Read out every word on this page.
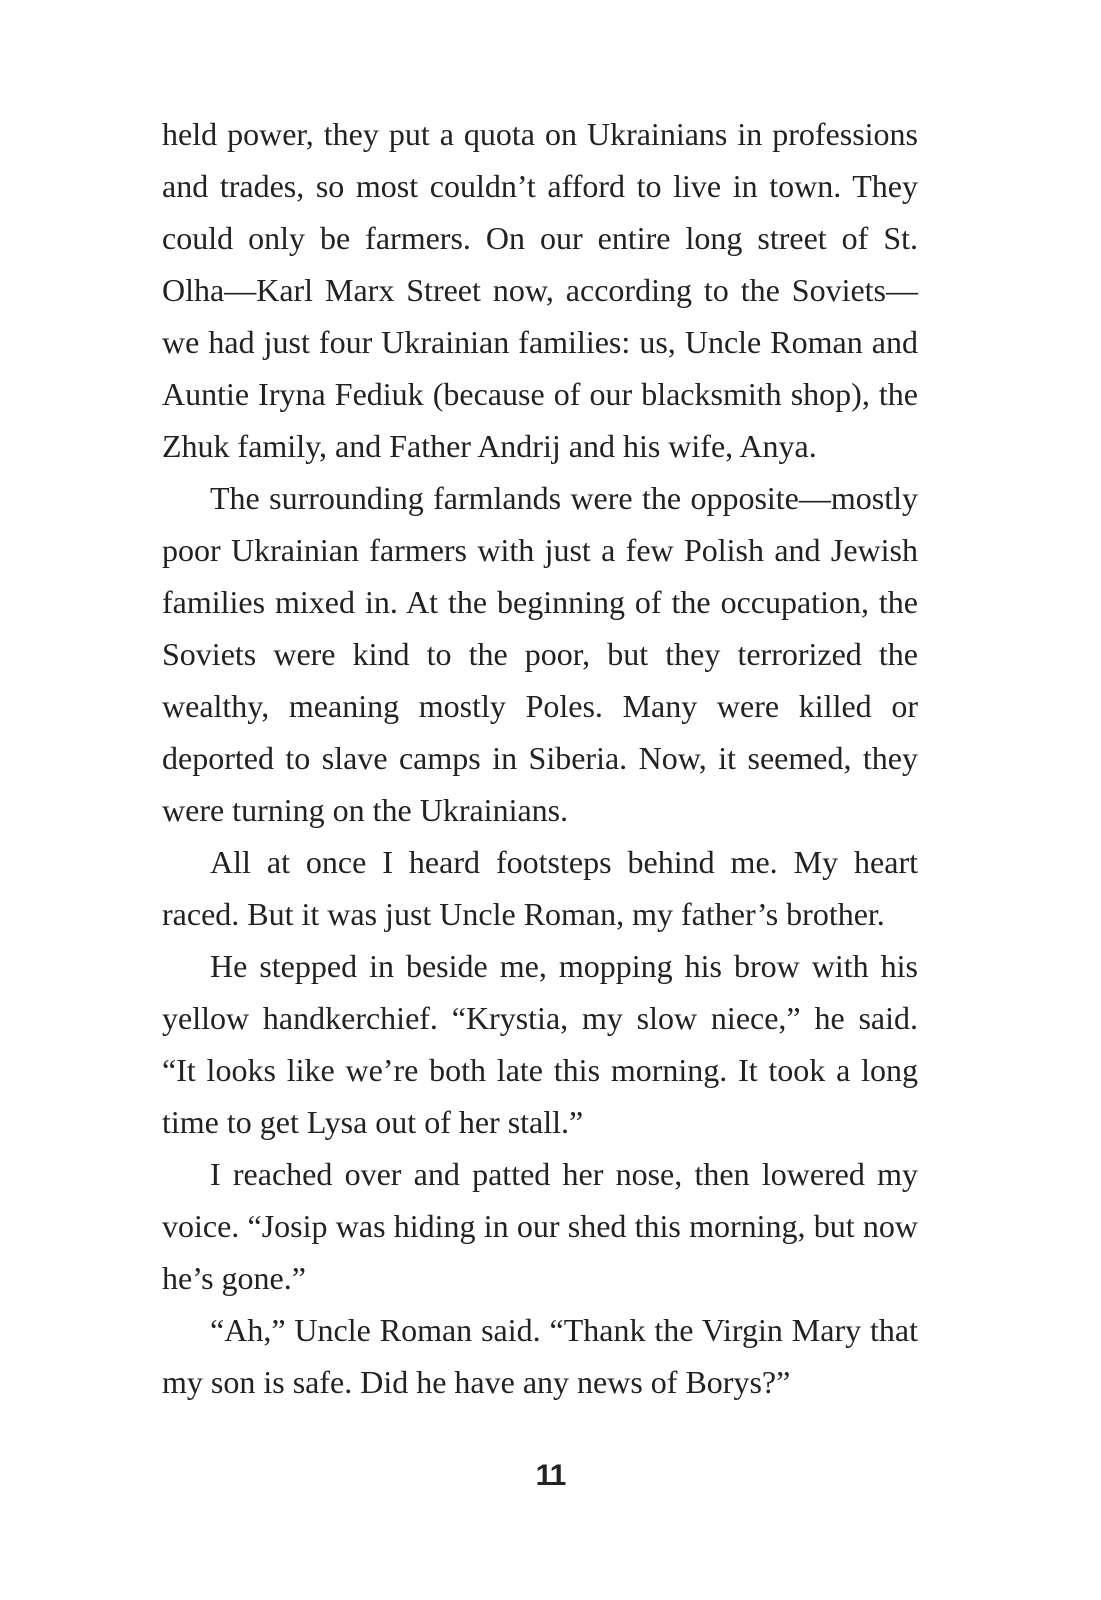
held power, they put a quota on Ukrainians in professions and trades, so most couldn’t afford to live in town. They could only be farmers. On our entire long street of St. Olha—Karl Marx Street now, according to the Soviets—we had just four Ukrainian families: us, Uncle Roman and Auntie Iryna Fediuk (because of our blacksmith shop), the Zhuk family, and Father Andrij and his wife, Anya.

The surrounding farmlands were the opposite—mostly poor Ukrainian farmers with just a few Polish and Jewish families mixed in. At the beginning of the occupation, the Soviets were kind to the poor, but they terrorized the wealthy, meaning mostly Poles. Many were killed or deported to slave camps in Siberia. Now, it seemed, they were turning on the Ukrainians.

All at once I heard footsteps behind me. My heart raced. But it was just Uncle Roman, my father’s brother.

He stepped in beside me, mopping his brow with his yellow handkerchief. “Krystia, my slow niece,” he said. “It looks like we’re both late this morning. It took a long time to get Lysa out of her stall.”

I reached over and patted her nose, then lowered my voice. “Josip was hiding in our shed this morning, but now he’s gone.”

“Ah,” Uncle Roman said. “Thank the Virgin Mary that my son is safe. Did he have any news of Borys?”

11
